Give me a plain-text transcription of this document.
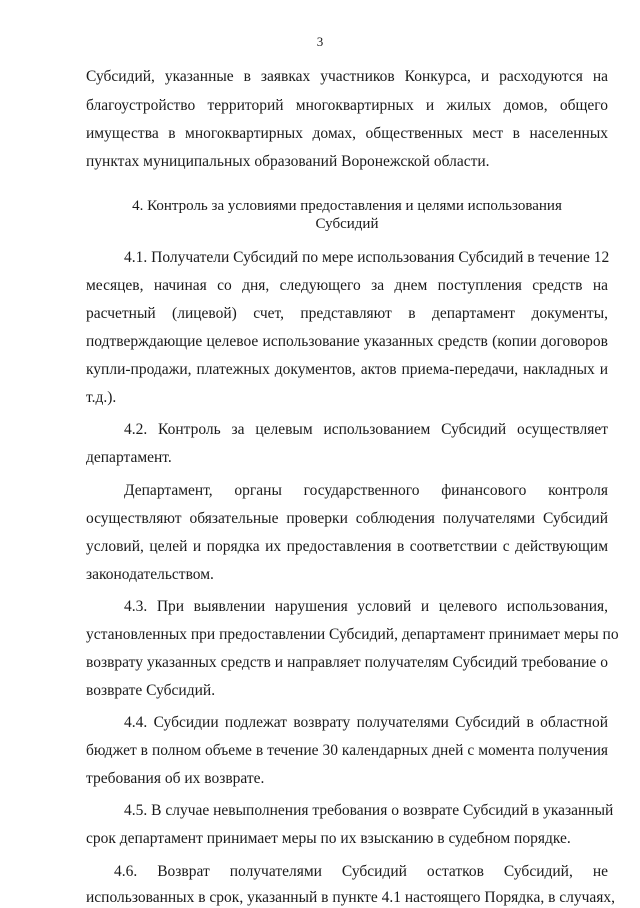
3
Субсидий, указанные в заявках участников Конкурса, и расходуются на
благоустройство территорий многоквартирных и жилых домов, общего
имущества в многоквартирных домах, общественных мест в населенных
пунктах муниципальных образований Воронежской области.
4. Контроль за условиями предоставления и целями использования
Субсидий
4.1. Получатели Субсидий по мере использования Субсидий в течение 12
месяцев, начиная со дня, следующего за днем поступления средств на
расчетный (лицевой) счет, представляют в департамент документы,
подтверждающие целевое использование указанных средств (копии договоров
купли-продажи, платежных документов, актов приема-передачи, накладных и
т.д.).
4.2. Контроль за целевым использованием Субсидий осуществляет
департамент.
Департамент, органы государственного финансового контроля
осуществляют обязательные проверки соблюдения получателями Субсидий
условий, целей и порядка их предоставления в соответствии с действующим
законодательством.
4.3. При выявлении нарушения условий и целевого использования,
установленных при предоставлении Субсидий, департамент принимает меры по
возврату указанных средств и направляет получателям Субсидий требование о
возврате Субсидий.
4.4. Субсидии подлежат возврату получателями Субсидий в областной
бюджет в полном объеме в течение 30 календарных дней с момента получения
требования об их возврате.
4.5. В случае невыполнения требования о возврате Субсидий в указанный
срок департамент принимает меры по их взысканию в судебном порядке.
4.6. Возврат получателями Субсидий остатков Субсидий, не
использованных в срок, указанный в пункте 4.1 настоящего Порядка, в случаях,
